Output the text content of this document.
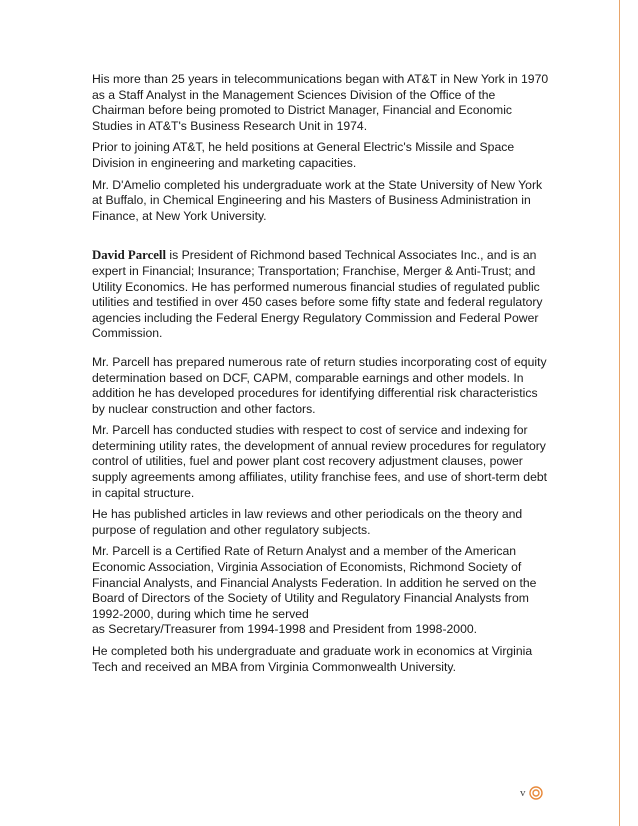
His more than 25 years in telecommunications began with AT&T in New York in 1970 as a Staff Analyst in the Management Sciences Division of the Office of the Chairman before being promoted to District Manager, Financial and Economic Studies in AT&T's Business Research Unit in 1974.

Prior to joining AT&T, he held positions at General Electric's Missile and Space Division in engineering and marketing capacities.

Mr. D'Amelio completed his undergraduate work at the State University of New York at Buffalo, in Chemical Engineering and his Masters of Business Administration in Finance, at New York University.

David Parcell is President of Richmond based Technical Associates Inc., and is an expert in Financial; Insurance; Transportation; Franchise, Merger & Anti-Trust; and Utility Economics. He has performed numerous financial studies of regulated public utilities and testified in over 450 cases before some fifty state and federal regulatory agencies including the Federal Energy Regulatory Commission and Federal Power Commission.

Mr. Parcell has prepared numerous rate of return studies incorporating cost of equity determination based on DCF, CAPM, comparable earnings and other models. In addition he has developed procedures for identifying differential risk characteristics by nuclear construction and other factors.

Mr. Parcell has conducted studies with respect to cost of service and indexing for determining utility rates, the development of annual review procedures for regulatory control of utilities, fuel and power plant cost recovery adjustment clauses, power supply agreements among affiliates, utility franchise fees, and use of short-term debt in capital structure.

He has published articles in law reviews and other periodicals on the theory and purpose of regulation and other regulatory subjects.

Mr. Parcell is a Certified Rate of Return Analyst and a member of the American Economic Association, Virginia Association of Economists, Richmond Society of Financial Analysts, and Financial Analysts Federation. In addition he served on the Board of Directors of the Society of Utility and Regulatory Financial Analysts from 1992-2000, during which time he served
as Secretary/Treasurer from 1994-1998 and President from 1998-2000.

He completed both his undergraduate and graduate work in economics at Virginia Tech and received an MBA from Virginia Commonwealth University.

v
